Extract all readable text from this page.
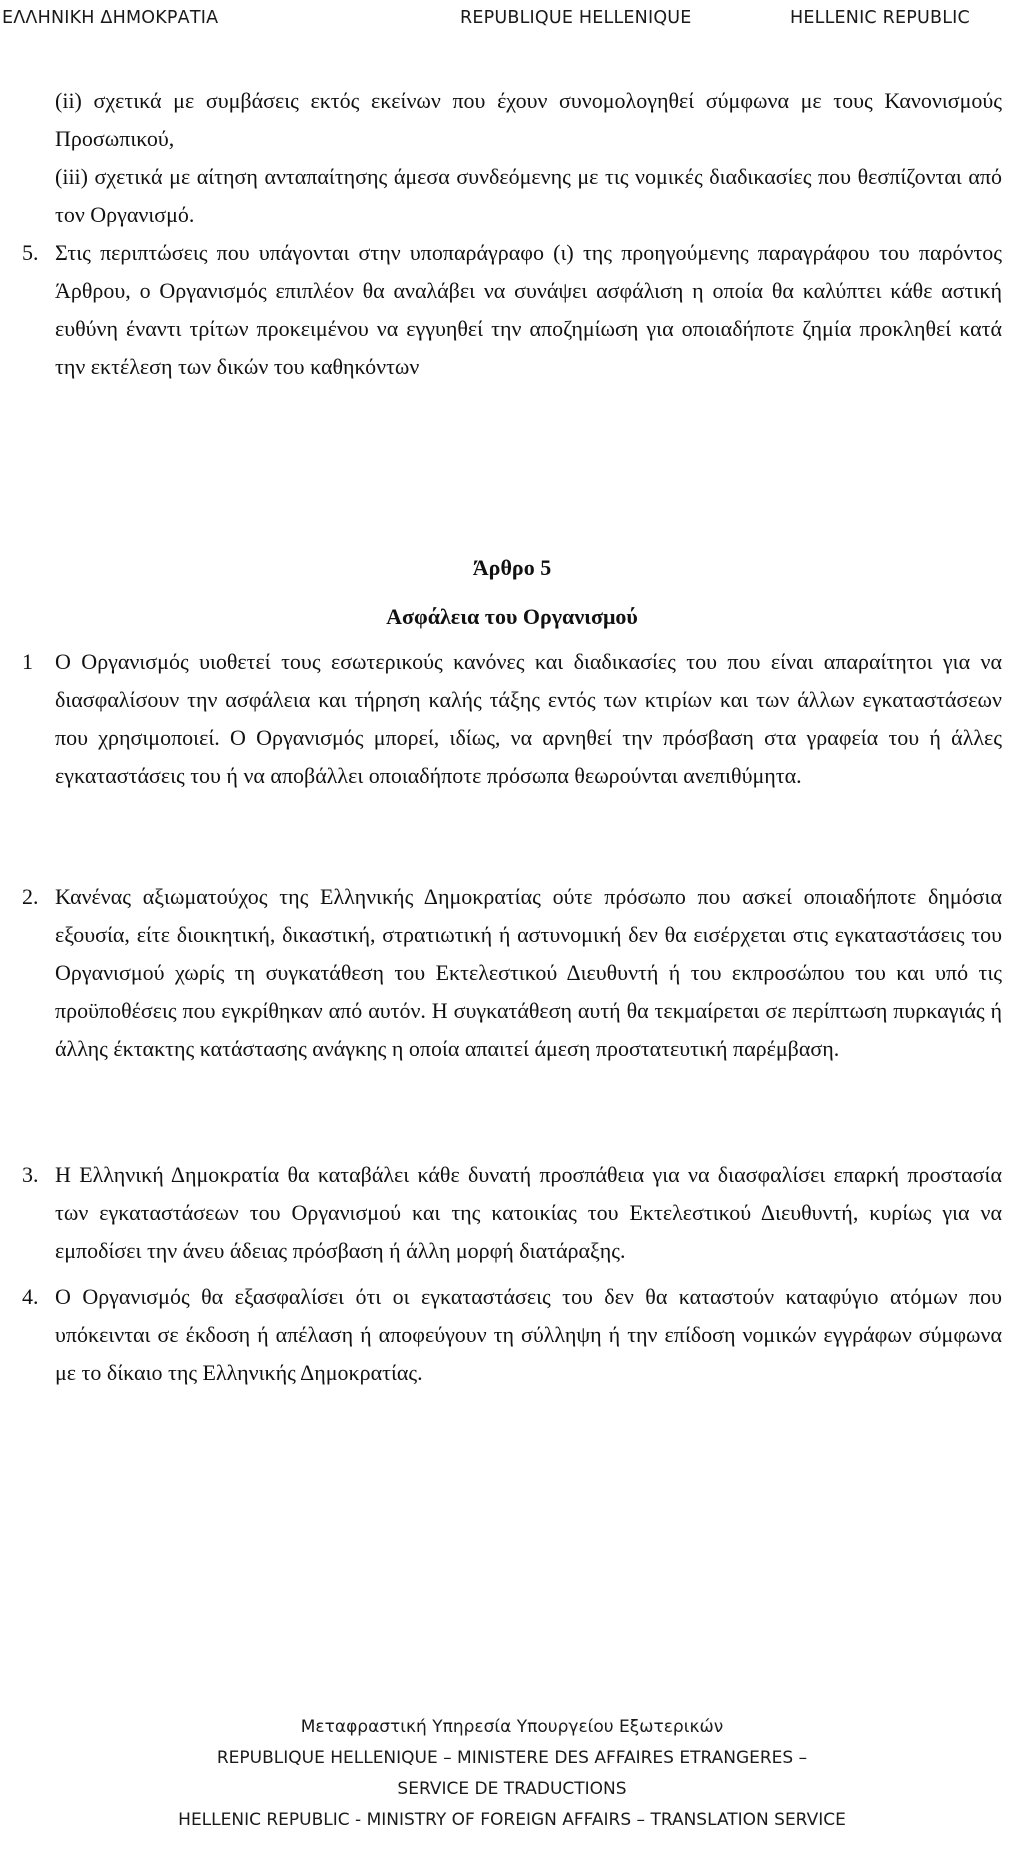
ΕΛΛΗΝΙΚΗ ΔΗΜΟΚΡΑΤΙΑ	REPUBLIQUE HELLENIQUE	HELLENIC REPUBLIC
(ii) σχετικά με συμβάσεις εκτός εκείνων που έχουν συνομολογηθεί σύμφωνα με τους Κανονισμούς Προσωπικού,
(iii) σχετικά με αίτηση ανταπαίτησης άμεσα συνδεόμενης με τις νομικές διαδικασίες που θεσπίζονται από τον Οργανισμό.
5. Στις περιπτώσεις που υπάγονται στην υποπαράγραφο (ι) της προηγούμενης παραγράφου του παρόντος Άρθρου, ο Οργανισμός επιπλέον θα αναλάβει να συνάψει ασφάλιση η οποία θα καλύπτει κάθε αστική ευθύνη έναντι τρίτων προκειμένου να εγγυηθεί την αποζημίωση για οποιαδήποτε ζημία προκληθεί κατά την εκτέλεση των δικών του καθηκόντων
Άρθρο 5
Ασφάλεια του Οργανισμού
1 Ο Οργανισμός υιοθετεί τους εσωτερικούς κανόνες και διαδικασίες του που είναι απαραίτητοι για να διασφαλίσουν την ασφάλεια και τήρηση καλής τάξης εντός των κτιρίων και των άλλων εγκαταστάσεων που χρησιμοποιεί. Ο Οργανισμός μπορεί, ιδίως, να αρνηθεί την πρόσβαση στα γραφεία του ή άλλες εγκαταστάσεις του ή να αποβάλλει οποιαδήποτε πρόσωπα θεωρούνται ανεπιθύμητα.
2. Κανένας αξιωματούχος της Ελληνικής Δημοκρατίας ούτε πρόσωπο που ασκεί οποιαδήποτε δημόσια εξουσία, είτε διοικητική, δικαστική, στρατιωτική ή αστυνομική δεν θα εισέρχεται στις εγκαταστάσεις του Οργανισμού χωρίς τη συγκατάθεση του Εκτελεστικού Διευθυντή ή του εκπροσώπου του και υπό τις προϋποθέσεις που εγκρίθηκαν από αυτόν. Η συγκατάθεση αυτή θα τεκμαίρεται σε περίπτωση πυρκαγιάς ή άλλης έκτακτης κατάστασης ανάγκης η οποία απαιτεί άμεση προστατευτική παρέμβαση.
3. Η Ελληνική Δημοκρατία θα καταβάλει κάθε δυνατή προσπάθεια για να διασφαλίσει επαρκή προστασία των εγκαταστάσεων του Οργανισμού και της κατοικίας του Εκτελεστικού Διευθυντή, κυρίως για να εμποδίσει την άνευ άδειας πρόσβαση ή άλλη μορφή διατάραξης.
4. Ο Οργανισμός θα εξασφαλίσει ότι οι εγκαταστάσεις του δεν θα καταστούν καταφύγιο ατόμων που υπόκεινται σε έκδοση ή απέλαση ή αποφεύγουν τη σύλληψη ή την επίδοση νομικών εγγράφων σύμφωνα με το δίκαιο της Ελληνικής Δημοκρατίας.
Μεταφραστική Υπηρεσία Υπουργείου Εξωτερικών
REPUBLIQUE HELLENIQUE – MINISTERE DES AFFAIRES ETRANGERES –
SERVICE DE TRADUCTIONS
HELLENIC REPUBLIC - MINISTRY OF FOREIGN AFFAIRS – TRANSLATION SERVICE
